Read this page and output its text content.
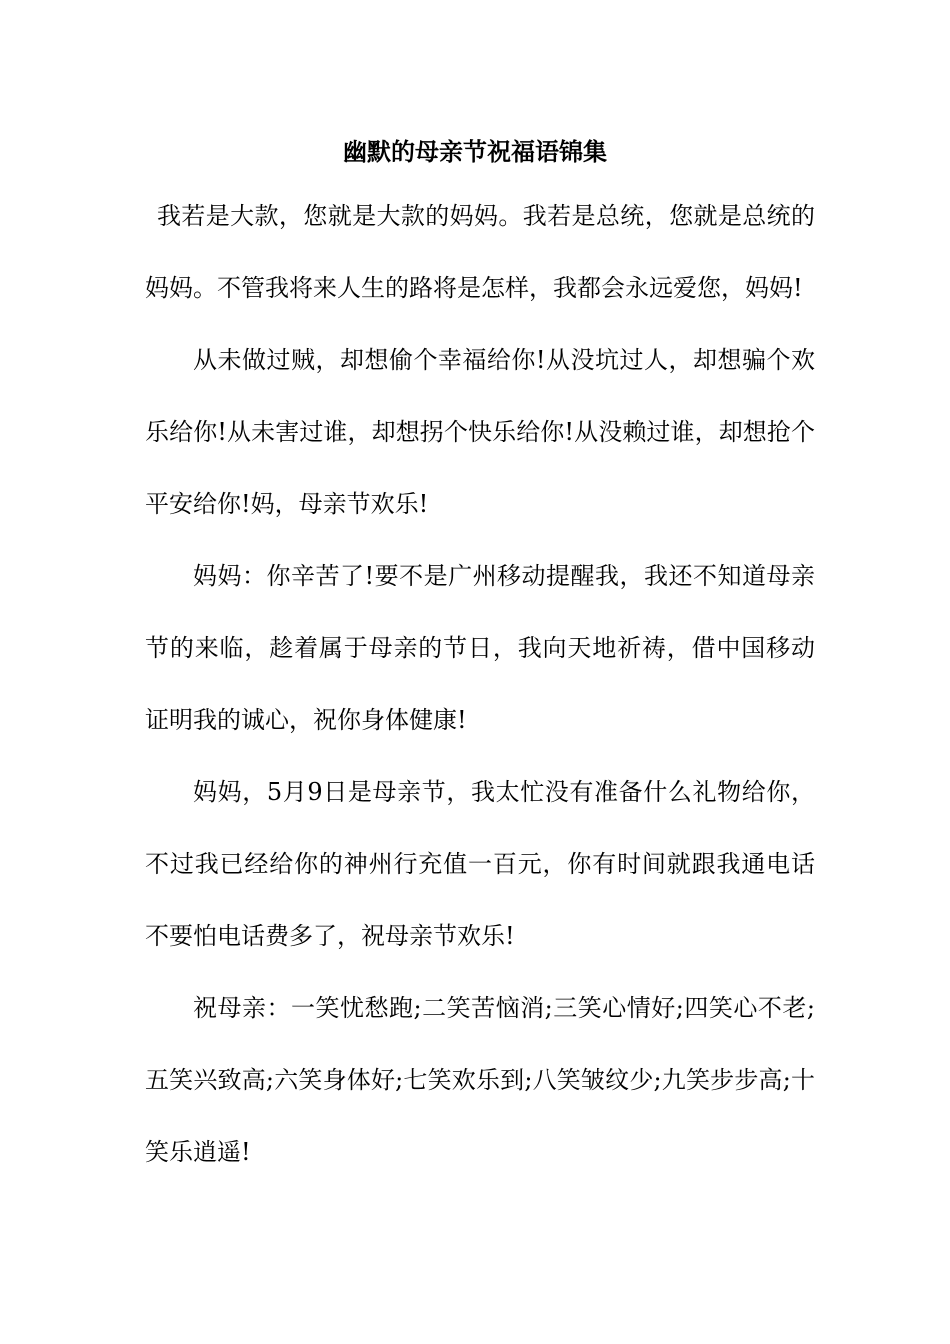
幽默的母亲节祝福语锦集

我若是大款，您就是大款的妈妈。我若是总统，您就是总统的妈妈。不管我将来人生的路将是怎样，我都会永远爱您，妈妈!

从未做过贼，却想偷个幸福给你!从没坑过人，却想骗个欢乐给你!从未害过谁，却想拐个快乐给你!从没赖过谁，却想抢个平安给你!妈，母亲节欢乐!

妈妈：你辛苦了!要不是广州移动提醒我，我还不知道母亲节的来临，趁着属于母亲的节日，我向天地祈祷，借中国移动证明我的诚心，祝你身体健康!

妈妈，5月9日是母亲节，我太忙没有准备什么礼物给你，不过我已经给你的神州行充值一百元，你有时间就跟我通电话不要怕电话费多了，祝母亲节欢乐!

祝母亲：一笑忧愁跑;二笑苦恼消;三笑心情好;四笑心不老;五笑兴致高;六笑身体好;七笑欢乐到;八笑皱纹少;九笑步步高;十笑乐逍遥!
